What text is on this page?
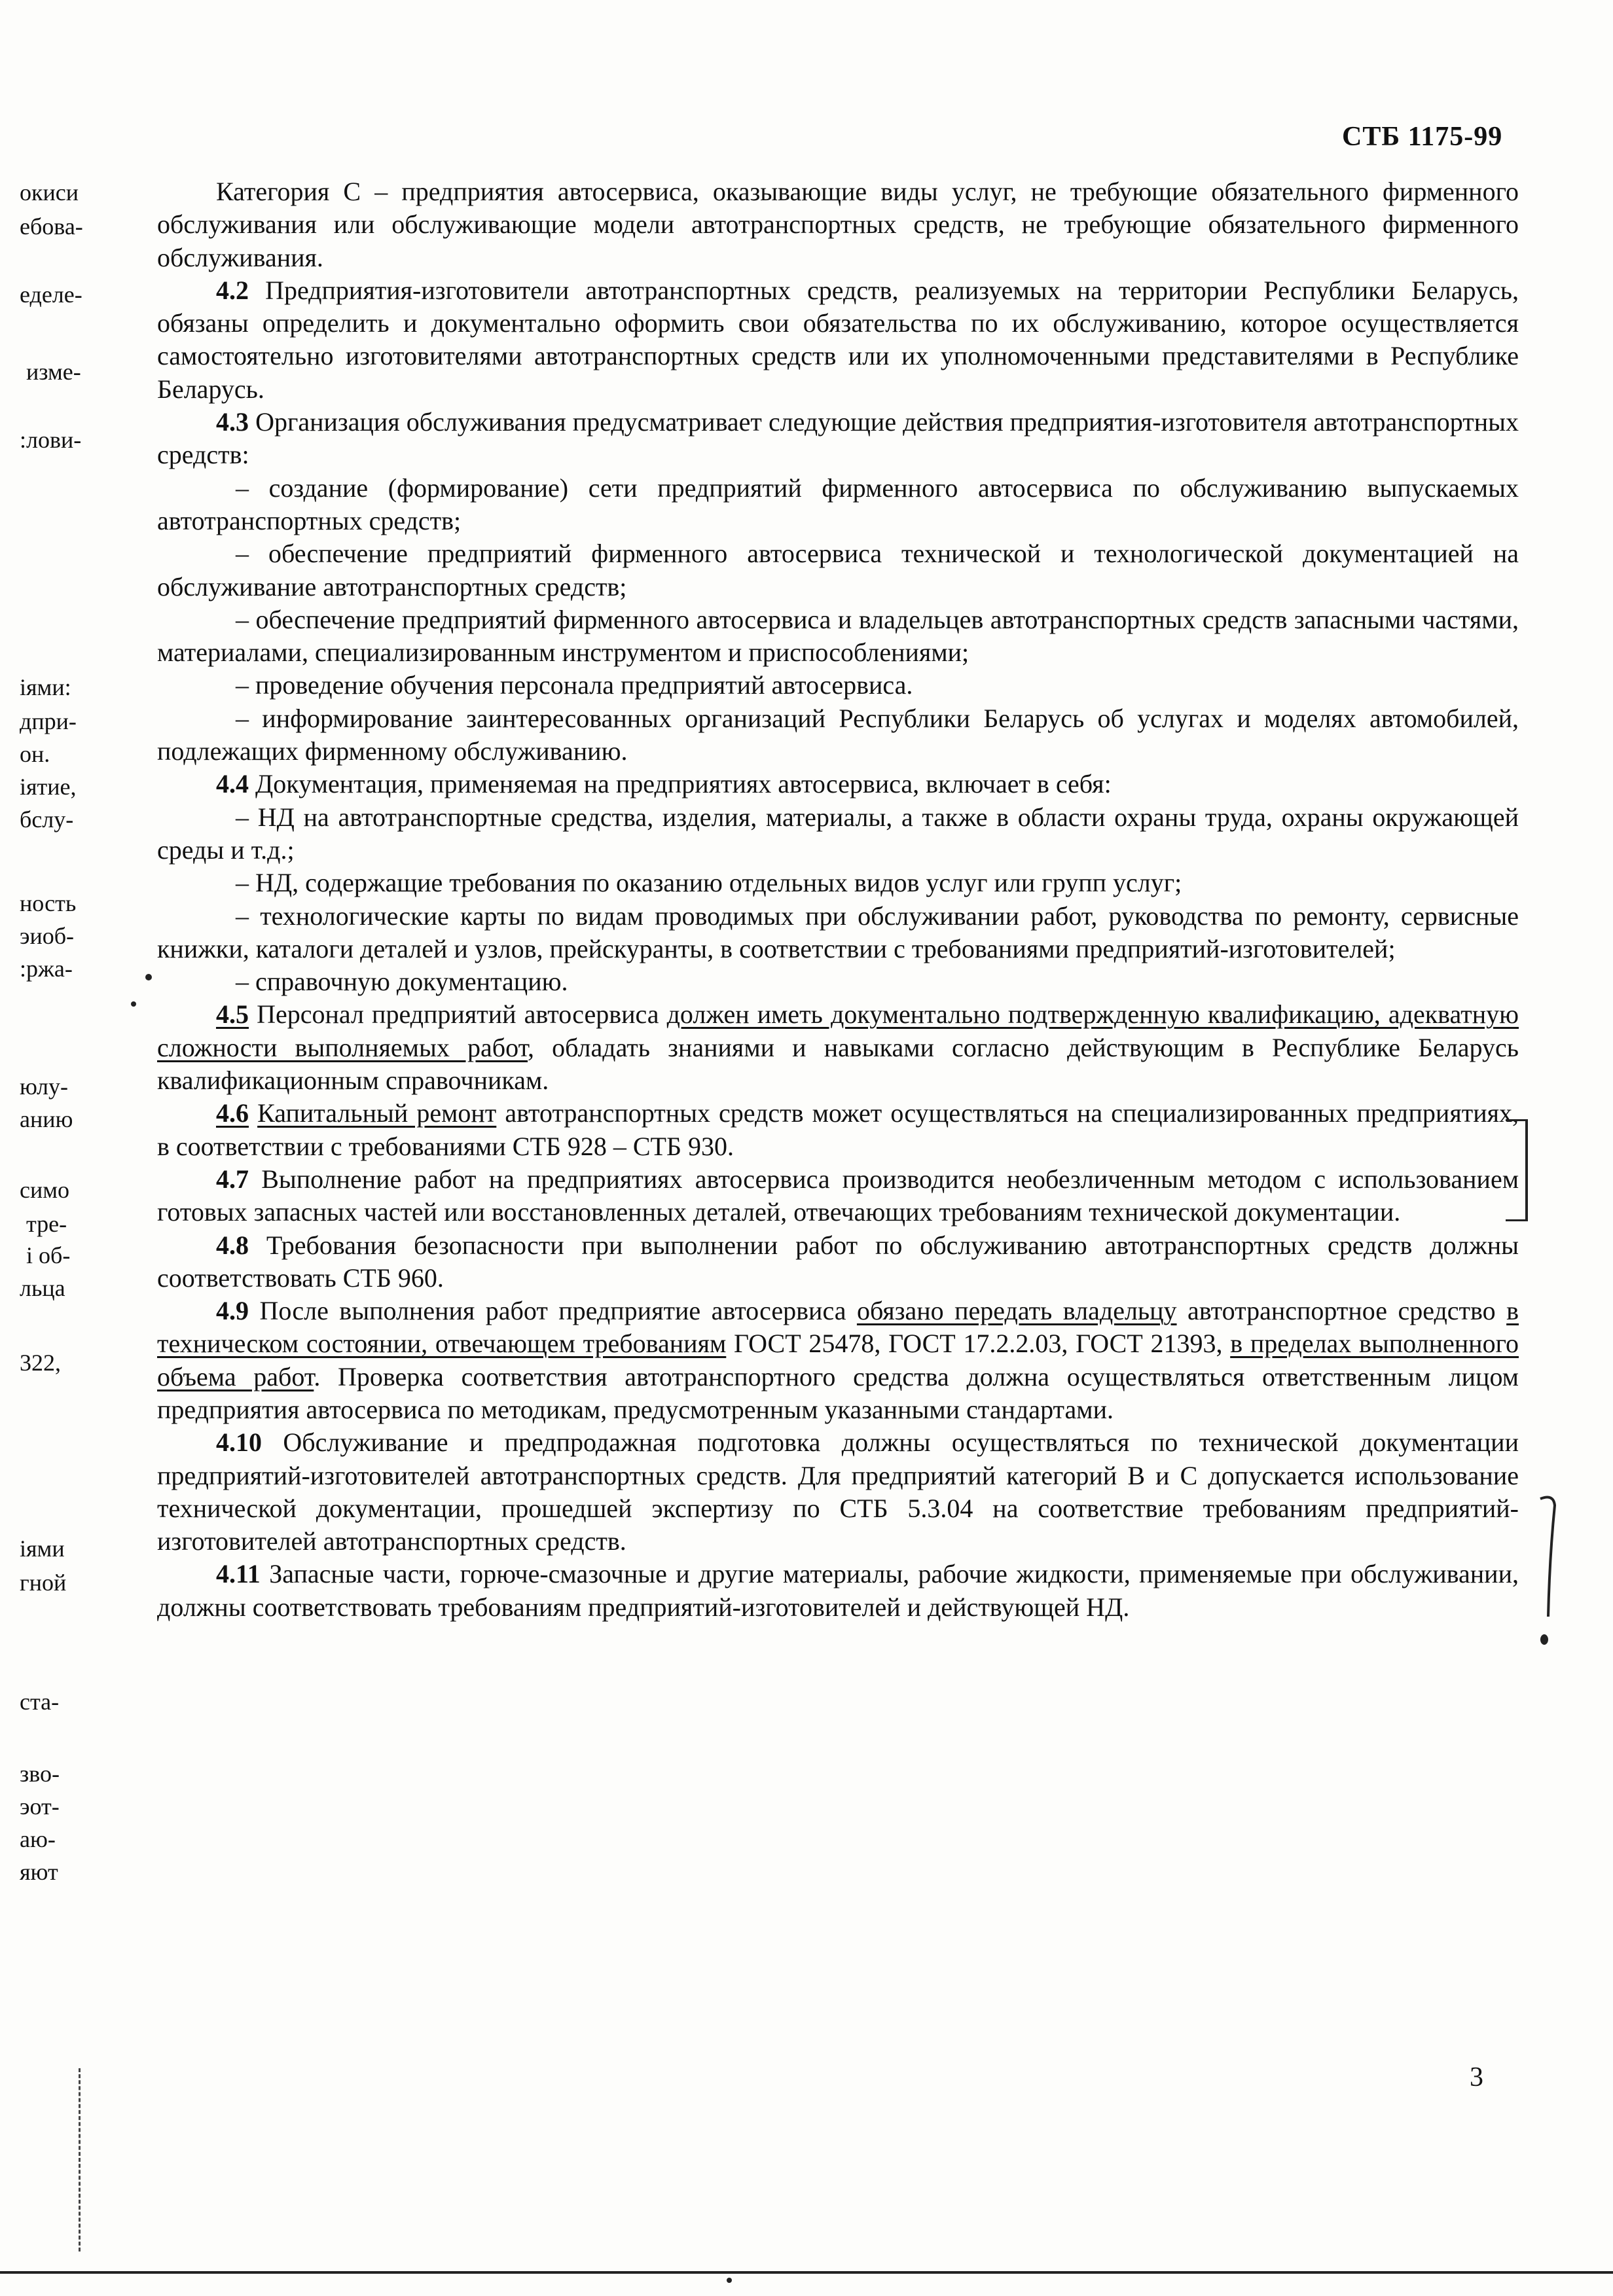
СТБ 1175-99
окиси
ебова-
еделе-
изме-
:лови-
іями:
дпри-
он.
іятие,
бслу-
ность
эиоб-
:ржа-
юлу-
анию
симо
тре-
і об-
льца
322,
іями
гной
ста-
зво-
эот-
аю-
яют

Категория С – предприятия автосервиса, оказывающие виды услуг, не требующие обязательного фирменного обслуживания или обслуживающие модели автотранспортных средств, не требующие обязательного фирменного обслуживания.

4.2 Предприятия-изготовители автотранспортных средств, реализуемых на территории Республики Беларусь, обязаны определить и документально оформить свои обязательства по их обслуживанию, которое осуществляется самостоятельно изготовителями автотранспортных средств или их уполномоченными представителями в Республике Беларусь.

4.3 Организация обслуживания предусматривает следующие действия предприятия-изготовителя автотранспортных средств:

– создание (формирование) сети предприятий фирменного автосервиса по обслуживанию выпускаемых автотранспортных средств;

– обеспечение предприятий фирменного автосервиса технической и технологической документацией на обслуживание автотранспортных средств;

– обеспечение предприятий фирменного автосервиса и владельцев автотранспортных средств запасными частями, материалами, специализированным инструментом и приспособлениями;

– проведение обучения персонала предприятий автосервиса.

– информирование заинтересованных организаций Республики Беларусь об услугах и моделях автомобилей, подлежащих фирменному обслуживанию.

4.4 Документация, применяемая на предприятиях автосервиса, включает в себя:

– НД на автотранспортные средства, изделия, материалы, а также в области охраны труда, охраны окружающей среды и т.д.;

– НД, содержащие требования по оказанию отдельных видов услуг или групп услуг;

– технологические карты по видам проводимых при обслуживании работ, руководства по ремонту, сервисные книжки, каталоги деталей и узлов, прейскуранты, в соответствии с требованиями предприятий-изготовителей;

– справочную документацию.

4.5 Персонал предприятий автосервиса должен иметь документально подтвержденную квалификацию, адекватную сложности выполняемых работ, обладать знаниями и навыками согласно действующим в Республике Беларусь квалификационным справочникам.

4.6 Капитальный ремонт автотранспортных средств может осуществляться на специализированных предприятиях, в соответствии с требованиями СТБ 928 – СТБ 930.

4.7 Выполнение работ на предприятиях автосервиса производится необезличенным методом с использованием готовых запасных частей или восстановленных деталей, отвечающих требованиям технической документации.

4.8 Требования безопасности при выполнении работ по обслуживанию автотранспортных средств должны соответствовать СТБ 960.

4.9 После выполнения работ предприятие автосервиса обязано передать владельцу автотранспортное средство в техническом состоянии, отвечающем требованиям ГОСТ 25478, ГОСТ 17.2.2.03, ГОСТ 21393, в пределах выполненного объема работ. Проверка соответствия автотранспортного средства должна осуществляться ответственным лицом предприятия автосервиса по методикам, предусмотренным указанными стандартами.

4.10 Обслуживание и предпродажная подготовка должны осуществляться по технической документации предприятий-изготовителей автотранспортных средств. Для предприятий категорий В и С допускается использование технической документации, прошедшей экспертизу по СТБ 5.3.04 на соответствие требованиям предприятий-изготовителей автотранспортных средств.

4.11 Запасные части, горюче-смазочные и другие материалы, рабочие жидкости, применяемые при обслуживании, должны соответствовать требованиям предприятий-изготовителей и действующей НД.

3
